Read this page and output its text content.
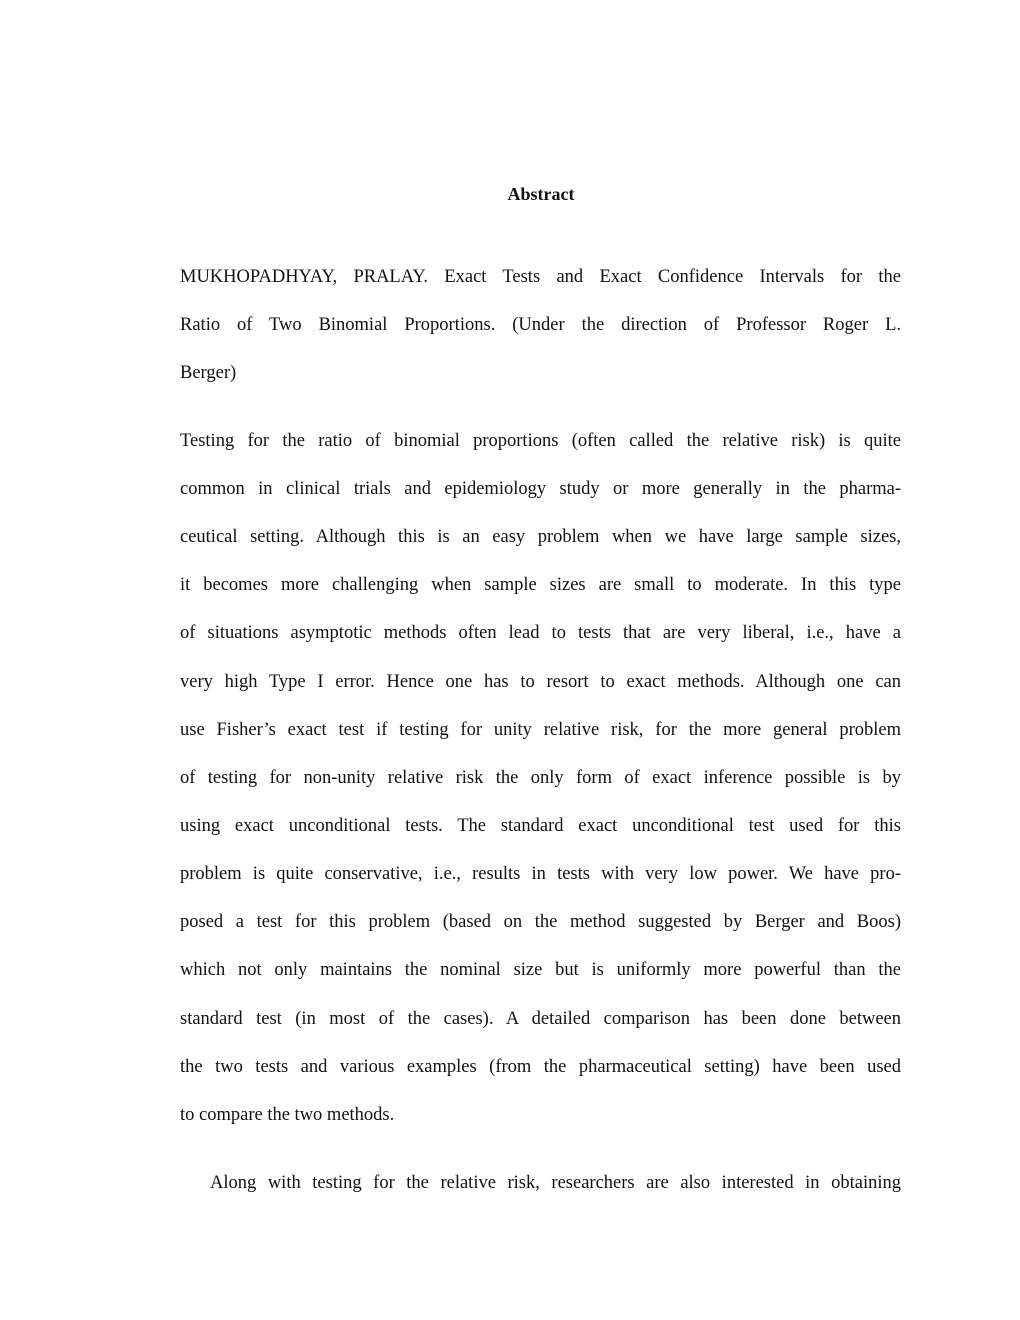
Abstract
MUKHOPADHYAY, PRALAY. Exact Tests and Exact Confidence Intervals for the
Ratio of Two Binomial Proportions. (Under the direction of Professor Roger L.
Berger)
Testing for the ratio of binomial proportions (often called the relative risk) is quite
common in clinical trials and epidemiology study or more generally in the pharma-
ceutical setting. Although this is an easy problem when we have large sample sizes,
it becomes more challenging when sample sizes are small to moderate. In this type
of situations asymptotic methods often lead to tests that are very liberal, i.e., have a
very high Type I error. Hence one has to resort to exact methods. Although one can
use Fisher’s exact test if testing for unity relative risk, for the more general problem
of testing for non-unity relative risk the only form of exact inference possible is by
using exact unconditional tests. The standard exact unconditional test used for this
problem is quite conservative, i.e., results in tests with very low power. We have pro-
posed a test for this problem (based on the method suggested by Berger and Boos)
which not only maintains the nominal size but is uniformly more powerful than the
standard test (in most of the cases). A detailed comparison has been done between
the two tests and various examples (from the pharmaceutical setting) have been used
to compare the two methods.
Along with testing for the relative risk, researchers are also interested in obtaining
